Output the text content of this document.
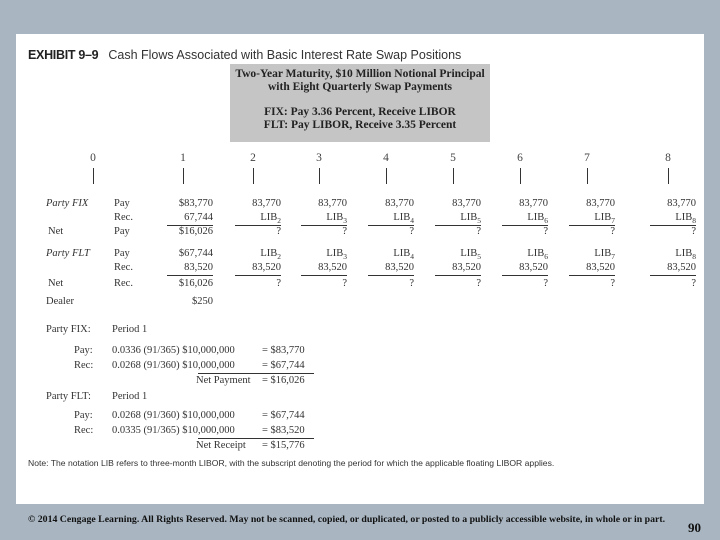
EXHIBIT 9–9 Cash Flows Associated with Basic Interest Rate Swap Positions
Two-Year Maturity, $10 Million Notional Principal
with Eight Quarterly Swap Payments
FIX: Pay 3.36 Percent, Receive LIBOR
FLT: Pay LIBOR, Receive 3.35 Percent
0	1	2	3	4	5	6	7	8
Party FIX Pay	$83,770	83,770	83,770	83,770	83,770	83,770	83,770	83,770
Rec.	67,744	$LIB_2$	$LIB_3$	$LIB_4$	$LIB_5$	$LIB_6$	$LIB_7$	$LIB_8$
Net	Pay	$16,026	?	?	?	?	?	?	?
Party FLT Pay	$67,744	$LIB_2$	$LIB_3$	$LIB_4$	$LIB_5$	$LIB_6$	$LIB_7$	$LIB_8$
Rec.	83,520	83,520	83,520	83,520	83,520	83,520	83,520	83,520
Net	Rec.	$16,026	?	?	?	?	?	?	?
Dealer	$250
Party FIX: Period 1
Pay: 0.0336 (91/365) $10,000,000	= $83,770
Rec: 0.0268 (91/360) $10,000,000	= $67,744
Net Payment = $16,026
Party FLT: Period 1
Pay: 0.0268 (91/360) $10,000,000	= $67,744
Rec: 0.0335 (91/365) $10,000,000	= $83,520
Net Receipt = $15,776
Note: The notation LIB refers to three-month LIBOR, with the subscript denoting the period for which the applicable floating LIBOR applies.
© 2014 Cengage Learning. All Rights Reserved. May not be scanned, copied, or duplicated, or posted to a publicly accessible website, in whole or in part.
90
